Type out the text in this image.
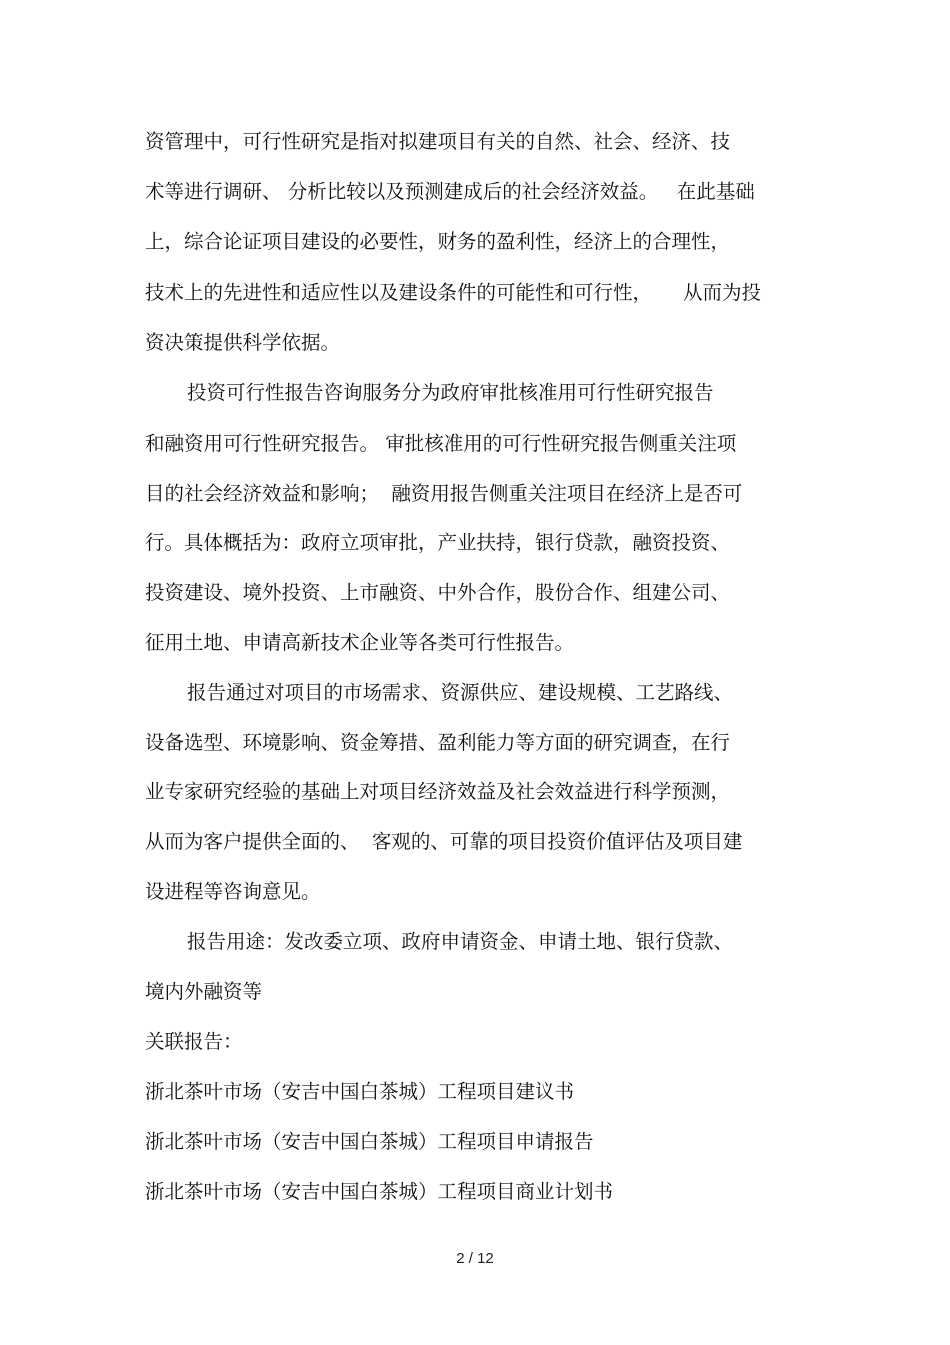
资管理中，可行性研究是指对拟建项目有关的自然、社会、经济、技
术等进行调研、 分析比较以及预测建成后的社会经济效益。   在此基础
上，综合论证项目建设的必要性，财务的盈利性，经济上的合理性，
技术上的先进性和适应性以及建设条件的可能性和可行性，     从而为投
资决策提供科学依据。
投资可行性报告咨询服务分为政府审批核准用可行性研究报告
和融资用可行性研究报告。 审批核准用的可行性研究报告侧重关注项
目的社会经济效益和影响；  融资用报告侧重关注项目在经济上是否可
行。具体概括为：政府立项审批，产业扶持，银行贷款，融资投资、
投资建设、境外投资、上市融资、中外合作，股份合作、组建公司、
征用土地、申请高新技术企业等各类可行性报告。
报告通过对项目的市场需求、资源供应、建设规模、工艺路线、
设备选型、环境影响、资金筹措、盈利能力等方面的研究调查，在行
业专家研究经验的基础上对项目经济效益及社会效益进行科学预测，
从而为客户提供全面的、  客观的、可靠的项目投资价值评估及项目建
设进程等咨询意见。
报告用途：发改委立项、政府申请资金、申请土地、银行贷款、
境内外融资等
关联报告：
浙北茶叶市场（安吉中国白茶城）工程项目建议书
浙北茶叶市场（安吉中国白茶城）工程项目申请报告
浙北茶叶市场（安吉中国白茶城）工程项目商业计划书
2 / 12
